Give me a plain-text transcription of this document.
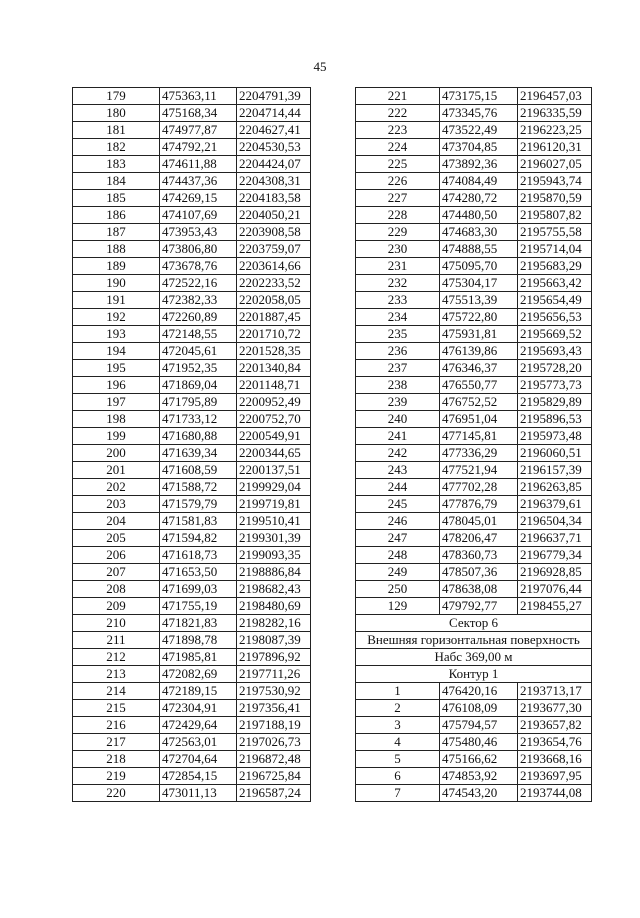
45
179	475363,11	2204791,39
180	475168,34	2204714,44
181	474977,87	2204627,41
182	474792,21	2204530,53
183	474611,88	2204424,07
184	474437,36	2204308,31
185	474269,15	2204183,58
186	474107,69	2204050,21
187	473953,43	2203908,58
188	473806,80	2203759,07
189	473678,76	2203614,66
190	472522,16	2202233,52
191	472382,33	2202058,05
192	472260,89	2201887,45
193	472148,55	2201710,72
194	472045,61	2201528,35
195	471952,35	2201340,84
196	471869,04	2201148,71
197	471795,89	2200952,49
198	471733,12	2200752,70
199	471680,88	2200549,91
200	471639,34	2200344,65
201	471608,59	2200137,51
202	471588,72	2199929,04
203	471579,79	2199719,81
204	471581,83	2199510,41
205	471594,82	2199301,39
206	471618,73	2199093,35
207	471653,50	2198886,84
208	471699,03	2198682,43
209	471755,19	2198480,69
210	471821,83	2198282,16
211	471898,78	2198087,39
212	471985,81	2197896,92
213	472082,69	2197711,26
214	472189,15	2197530,92
215	472304,91	2197356,41
216	472429,64	2197188,19
217	472563,01	2197026,73
218	472704,64	2196872,48
219	472854,15	2196725,84
220	473011,13	2196587,24
221	473175,15	2196457,03
222	473345,76	2196335,59
223	473522,49	2196223,25
224	473704,85	2196120,31
225	473892,36	2196027,05
226	474084,49	2195943,74
227	474280,72	2195870,59
228	474480,50	2195807,82
229	474683,30	2195755,58
230	474888,55	2195714,04
231	475095,70	2195683,29
232	475304,17	2195663,42
233	475513,39	2195654,49
234	475722,80	2195656,53
235	475931,81	2195669,52
236	476139,86	2195693,43
237	476346,37	2195728,20
238	476550,77	2195773,73
239	476752,52	2195829,89
240	476951,04	2195896,53
241	477145,81	2195973,48
242	477336,29	2196060,51
243	477521,94	2196157,39
244	477702,28	2196263,85
245	477876,79	2196379,61
246	478045,01	2196504,34
247	478206,47	2196637,71
248	478360,73	2196779,34
249	478507,36	2196928,85
250	478638,08	2197076,44
129	479792,77	2198455,27
Сектор 6		
Внешняя горизонтальная поверхность		
Набс 369,00 м		
Контур 1		
1	476420,16	2193713,17
2	476108,09	2193677,30
3	475794,57	2193657,82
4	475480,46	2193654,76
5	475166,62	2193668,16
6	474853,92	2193697,95
7	474543,20	2193744,08
